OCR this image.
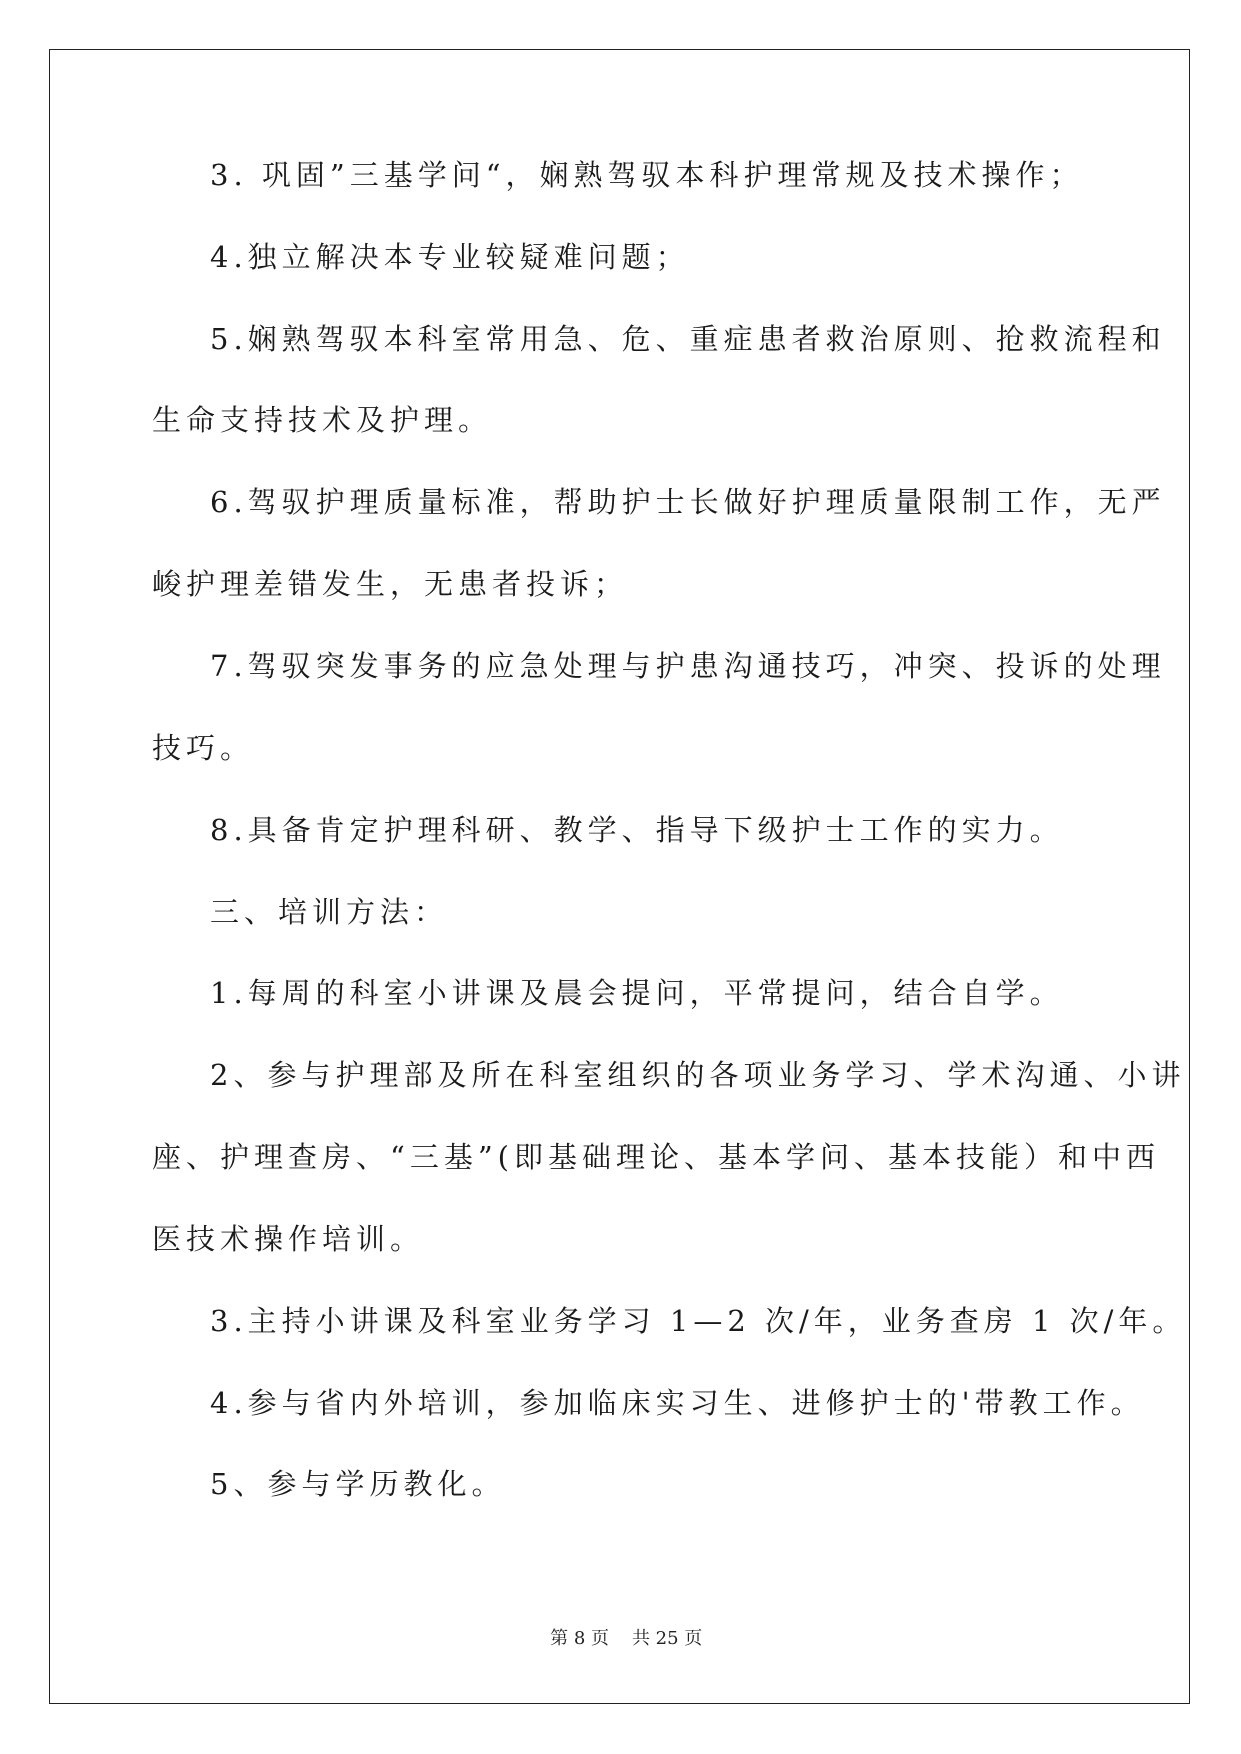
3. 巩固”三基学问“，娴熟驾驭本科护理常规及技术操作；
4.独立解决本专业较疑难问题；
5.娴熟驾驭本科室常用急、危、重症患者救治原则、抢救流程和
生命支持技术及护理。
6.驾驭护理质量标准，帮助护士长做好护理质量限制工作，无严
峻护理差错发生，无患者投诉；
7.驾驭突发事务的应急处理与护患沟通技巧，冲突、投诉的处理
技巧。
8.具备肯定护理科研、教学、指导下级护士工作的实力。
三、培训方法：
1.每周的科室小讲课及晨会提问，平常提问，结合自学。
2、参与护理部及所在科室组织的各项业务学习、学术沟通、小讲
座、护理查房、“三基”(即基础理论、基本学问、基本技能）和中西
医技术操作培训。
3.主持小讲课及科室业务学习 1—2 次/年，业务查房 1 次/年。
4.参与省内外培训，参加临床实习生、进修护士的'带教工作。
5、参与学历教化。

第 8 页    共 25 页
